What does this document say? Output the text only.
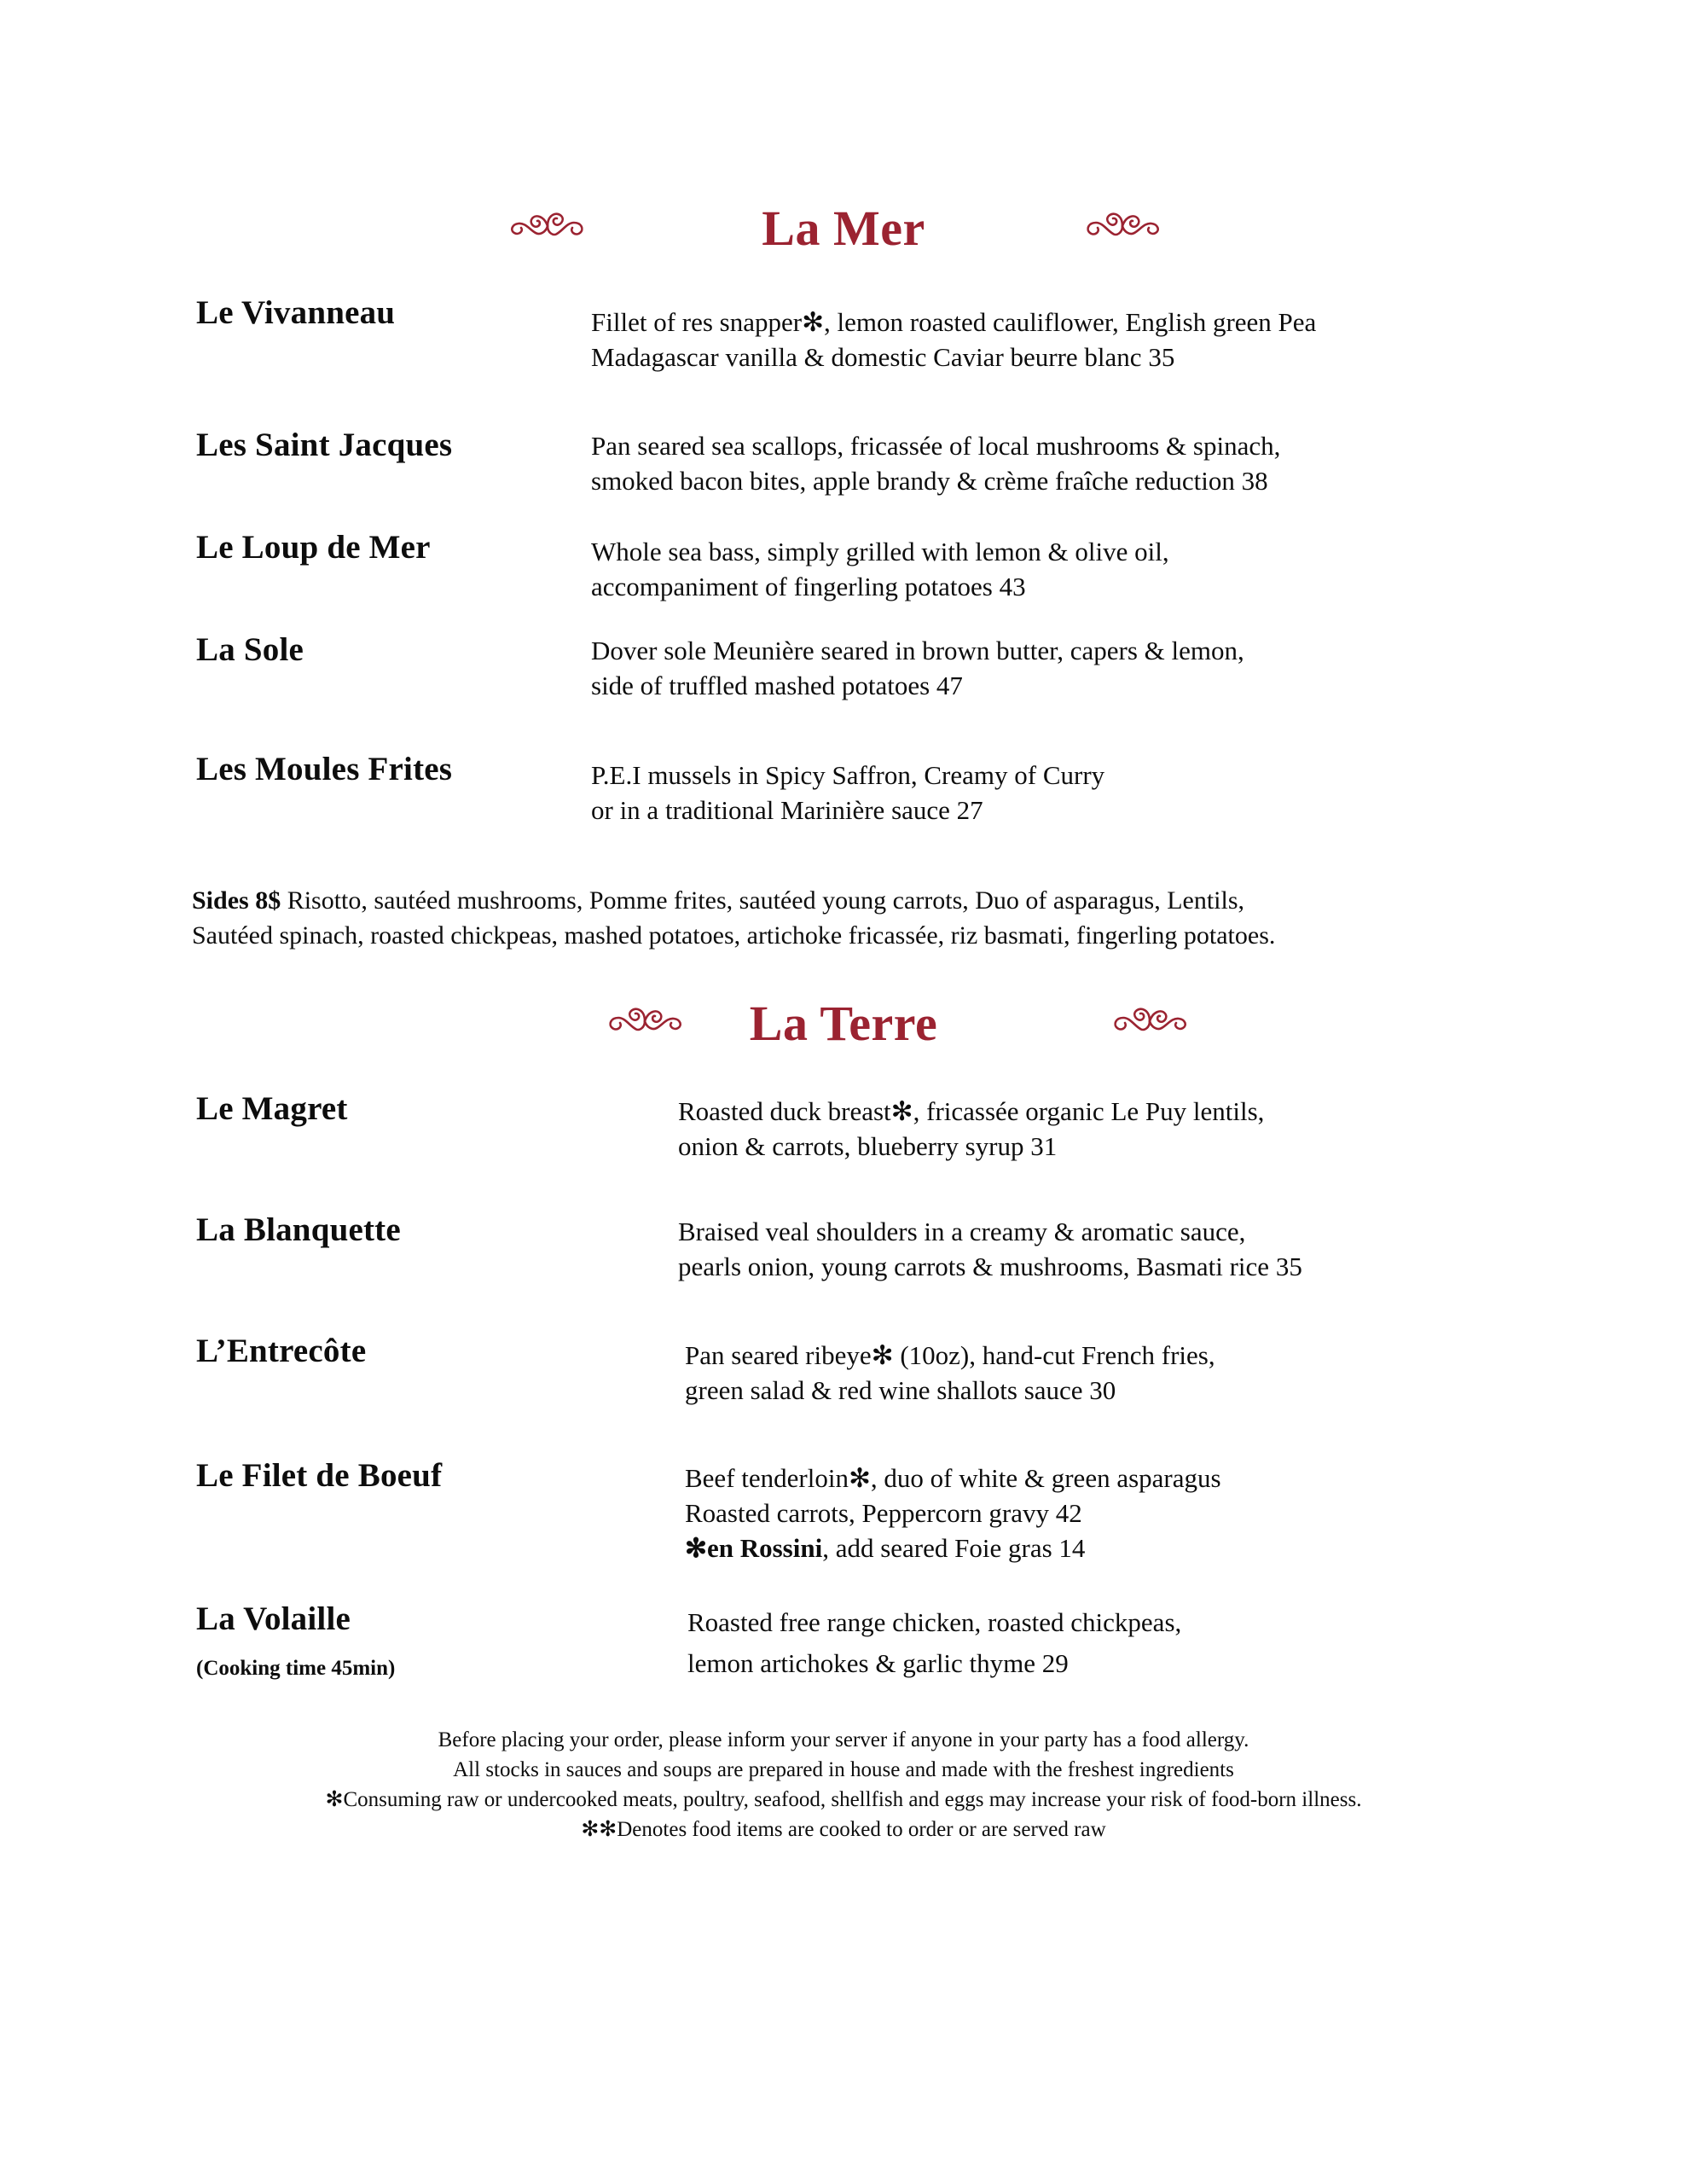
La Mer
Le Vivanneau	Fillet of res snapper✻, lemon roasted cauliflower, English green Pea
Madagascar vanilla & domestic Caviar beurre blanc 35
Les Saint Jacques	Pan seared sea scallops, fricassée of local mushrooms & spinach,
smoked bacon bites, apple brandy & crème fraîche reduction 38
Le Loup de Mer	Whole sea bass, simply grilled with lemon & olive oil,
accompaniment of fingerling potatoes 43
La Sole	Dover sole Meunière seared in brown butter, capers & lemon,
side of truffled mashed potatoes 47
Les Moules Frites	P.E.I mussels in Spicy Saffron, Creamy of Curry
or in a traditional Marinière sauce 27
Sides 8$ Risotto, sautéed mushrooms, Pomme frites, sautéed young carrots, Duo of asparagus, Lentils,
Sautéed spinach, roasted chickpeas, mashed potatoes, artichoke fricassée, riz basmati, fingerling potatoes.
La Terre
Le Magret	Roasted duck breast✻, fricassée organic Le Puy lentils,
onion & carrots, blueberry syrup 31
La Blanquette	Braised veal shoulders in a creamy & aromatic sauce,
pearls onion, young carrots & mushrooms, Basmati rice 35
L’Entrecôte	Pan seared ribeye✻ (10oz), hand-cut French fries,
green salad & red wine shallots sauce 30
Le Filet de Boeuf	Beef tenderloin✻, duo of white & green asparagus
Roasted carrots, Peppercorn gravy 42
✻en Rossini, add seared Foie gras 14
La Volaille
(Cooking time 45min)
Roasted free range chicken, roasted chickpeas,
lemon artichokes & garlic thyme 29
Before placing your order, please inform your server if anyone in your party has a food allergy.
All stocks in sauces and soups are prepared in house and made with the freshest ingredients
✻Consuming raw or undercooked meats, poultry, seafood, shellfish and eggs may increase your risk of food-born illness.
✻✻Denotes food items are cooked to order or are served raw
